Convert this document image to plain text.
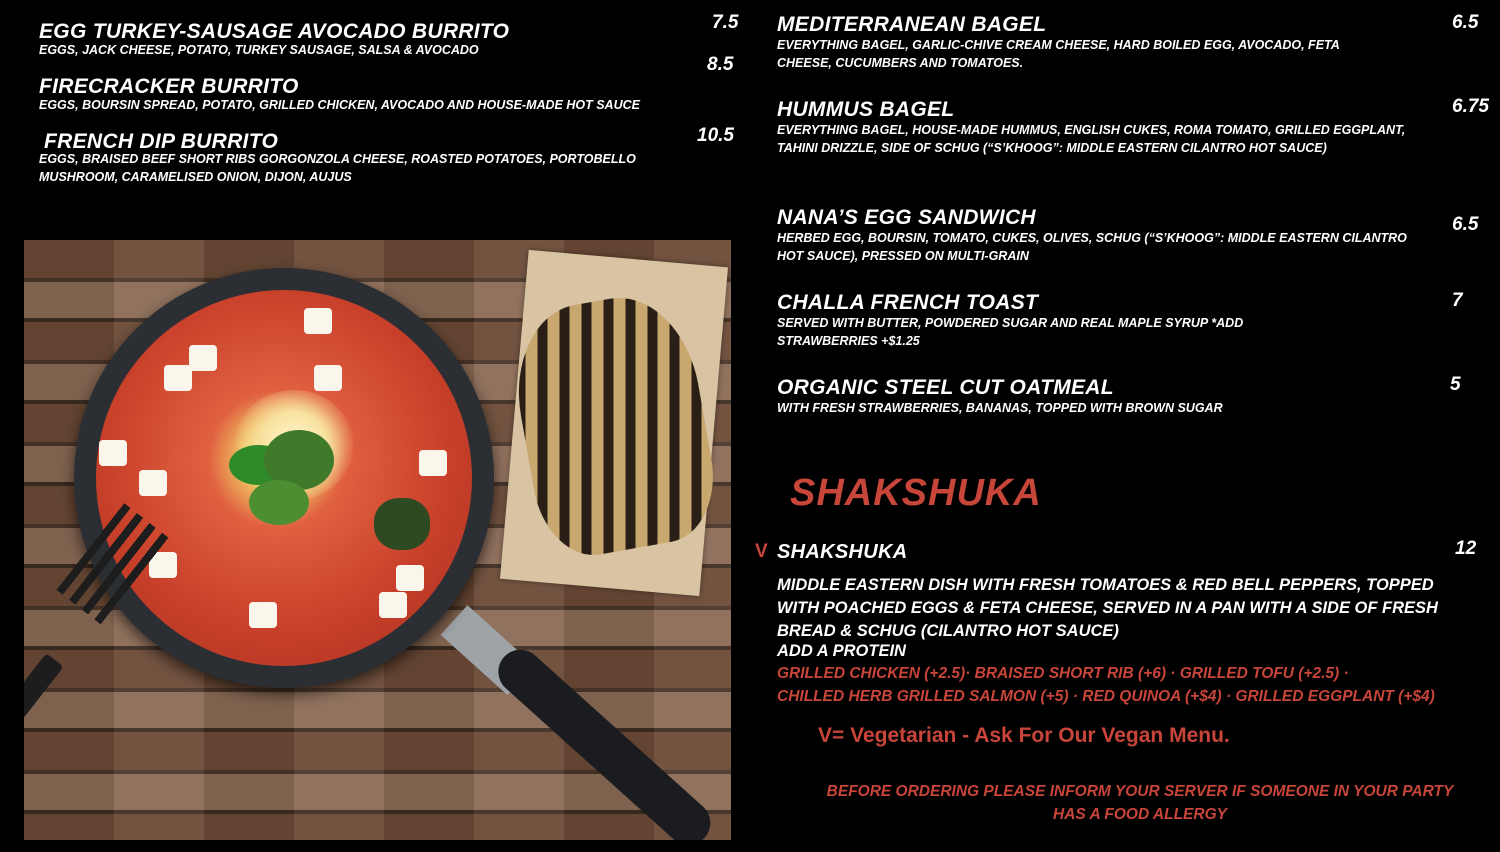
EGG TURKEY-SAUSAGE AVOCADO BURRITO
EGGS, JACK CHEESE, POTATO, TURKEY SAUSAGE, SALSA & AVOCADO
7.5
FIRECRACKER BURRITO
EGGS, BOURSIN SPREAD, POTATO, GRILLED CHICKEN, AVOCADO AND HOUSE-MADE HOT SAUCE
8.5
FRENCH DIP BURRITO
EGGS, BRAISED BEEF SHORT RIBS GORGONZOLA CHEESE, ROASTED POTATOES, PORTOBELLO MUSHROOM, CARAMELISED ONION, DIJON, AUJUS
10.5
MEDITERRANEAN BAGEL
EVERYTHING BAGEL, GARLIC-CHIVE CREAM CHEESE, HARD BOILED EGG, AVOCADO, FETA CHEESE, CUCUMBERS AND TOMATOES.
6.5
HUMMUS BAGEL
EVERYTHING BAGEL, HOUSE-MADE HUMMUS, ENGLISH CUKES, ROMA TOMATO, GRILLED EGGPLANT, TAHINI DRIZZLE, SIDE OF SCHUG (“S’KHOOG”: MIDDLE EASTERN CILANTRO HOT SAUCE)
6.75
NANA’S EGG SANDWICH
HERBED EGG, BOURSIN, TOMATO, CUKES, OLIVES, SCHUG (“S’KHOOG”: MIDDLE EASTERN CILANTRO HOT SAUCE), PRESSED ON MULTI-GRAIN
6.5
CHALLA FRENCH TOAST
SERVED WITH BUTTER, POWDERED SUGAR AND REAL MAPLE SYRUP *ADD STRAWBERRIES +$1.25
7
ORGANIC STEEL CUT OATMEAL
WITH FRESH STRAWBERRIES, BANANAS, TOPPED WITH BROWN SUGAR
5
SHAKSHUKA
V SHAKSHUKA	12
MIDDLE EASTERN DISH WITH FRESH TOMATOES & RED BELL PEPPERS, TOPPED WITH POACHED EGGS & FETA CHEESE, SERVED IN A PAN WITH A SIDE OF FRESH BREAD & SCHUG (CILANTRO HOT SAUCE)
ADD A PROTEIN
GRILLED CHICKEN (+2.5)· BRAISED SHORT RIB (+6) · GRILLED TOFU (+2.5) ·
CHILLED HERB GRILLED SALMON (+5) · RED QUINOA (+$4) · GRILLED EGGPLANT (+$4)
V= Vegetarian - Ask For Our Vegan Menu.
BEFORE ORDERING PLEASE INFORM YOUR SERVER IF SOMEONE IN YOUR PARTY
HAS A FOOD ALLERGY
